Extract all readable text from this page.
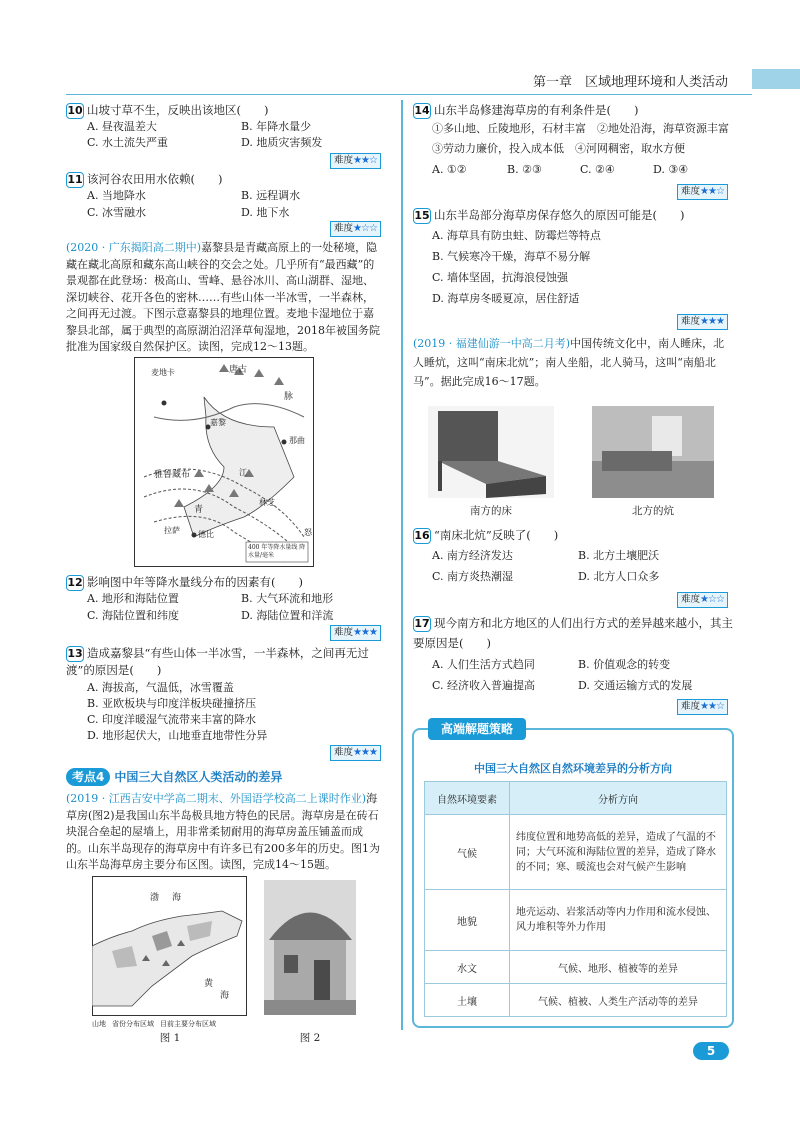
第一章　区域地理环境和人类活动
10 山坡寸草不生，反映出该地区(　　)
A. 昼夜温差大	B. 年降水量少
C. 水土流失严重	D. 地质灾害频发
难度★★☆
11 该河谷农田用水依赖(　　)
A. 当地降水	B. 远程调水
C. 冰雪融水	D. 地下水
难度★☆☆
(2020 · 广东揭阳高二期中)嘉黎县是青藏高原上的一处秘境，隐藏在藏北高原和藏东高山峡谷的交会之处。几乎所有“最西藏”的景观都在此登场：极高山、雪峰、悬谷冰川、高山湖群、湿地、深切峡谷、花开各色的密林……有些山体一半冰雪，一半森林，之间再无过渡。下图示意嘉黎县的地理位置。麦地卡湿地位于嘉黎县北部，属于典型的高原湖泊沼泽草甸湿地，2018年被国务院批准为国家级自然保护区。读图，完成12～13题。
麦地卡
嘉黎
江
林芝
那曲
拉萨 德比
唐古
脉
雅鲁藏布
青
怒
400 年等降水量线 降水量/毫米
12 影响图中年等降水量线分布的因素有(　　)
A. 地形和海陆位置	B. 大气环流和地形
C. 海陆位置和纬度	D. 海陆位置和洋流
难度★★★
13 造成嘉黎县“有些山体一半冰雪，一半森林，之间再无过渡”的原因是(　　)
A. 海拔高，气温低，冰雪覆盖
B. 亚欧板块与印度洋板块碰撞挤压
C. 印度洋暖湿气流带来丰富的降水
D. 地形起伏大，山地垂直地带性分异
难度★★★
考点4 中国三大自然区人类活动的差异
(2019 · 江西吉安中学高二期末、外国语学校高二上课时作业)海草房(图2)是我国山东半岛极具地方特色的民居。海草房是在砖石块混合垒起的屋墙上，用非常柔韧耐用的海草房盖压铺盖而成的。山东半岛现存的海草房中有许多已有200多年的历史。图1为山东半岛海草房主要分布区图。读图，完成14～15题。
渤 海
黄
海
山地 省份分布区域 目前主要分布区域
图 1	图 2
14 山东半岛修建海草房的有利条件是(　　)
①多山地、丘陵地形，石材丰富　②地处沿海，海草资源丰富
③劳动力廉价，投入成本低　④河网稠密，取水方便
A. ①②	B. ②③	C. ②④	D. ③④
难度★★☆
15 山东半岛部分海草房保存悠久的原因可能是(　　)
A. 海草具有防虫蛀、防霉烂等特点
B. 气候寒冷干燥，海草不易分解
C. 墙体坚固，抗海浪侵蚀强
D. 海草房冬暖夏凉，居住舒适
难度★★★
(2019 · 福建仙游一中高二月考)中国传统文化中，南人睡床，北人睡炕，这叫“南床北炕”；南人坐船，北人骑马，这叫“南船北马”。据此完成16～17题。
南方的床	北方的炕
16 “南床北炕”反映了(　　)
A. 南方经济发达	B. 北方土壤肥沃
C. 南方炎热潮湿	D. 北方人口众多
难度★☆☆
17 现今南方和北方地区的人们出行方式的差异越来越小，其主要原因是(　　)
A. 人们生活方式趋同	B. 价值观念的转变
C. 经济收入普遍提高	D. 交通运输方式的发展
难度★★☆
高端解题策略
中国三大自然区自然环境差异的分析方向
自然环境要素	分析方向
气候	纬度位置和地势高低的差异，造成了气温的不同；大气环流和海陆位置的差异，造成了降水的不同；寒、暖流也会对气候产生影响
地貌	地壳运动、岩浆活动等内力作用和流水侵蚀、风力堆积等外力作用
水文	气候、地形、植被等的差异
土壤	气候、植被、人类生产活动等的差异
5
